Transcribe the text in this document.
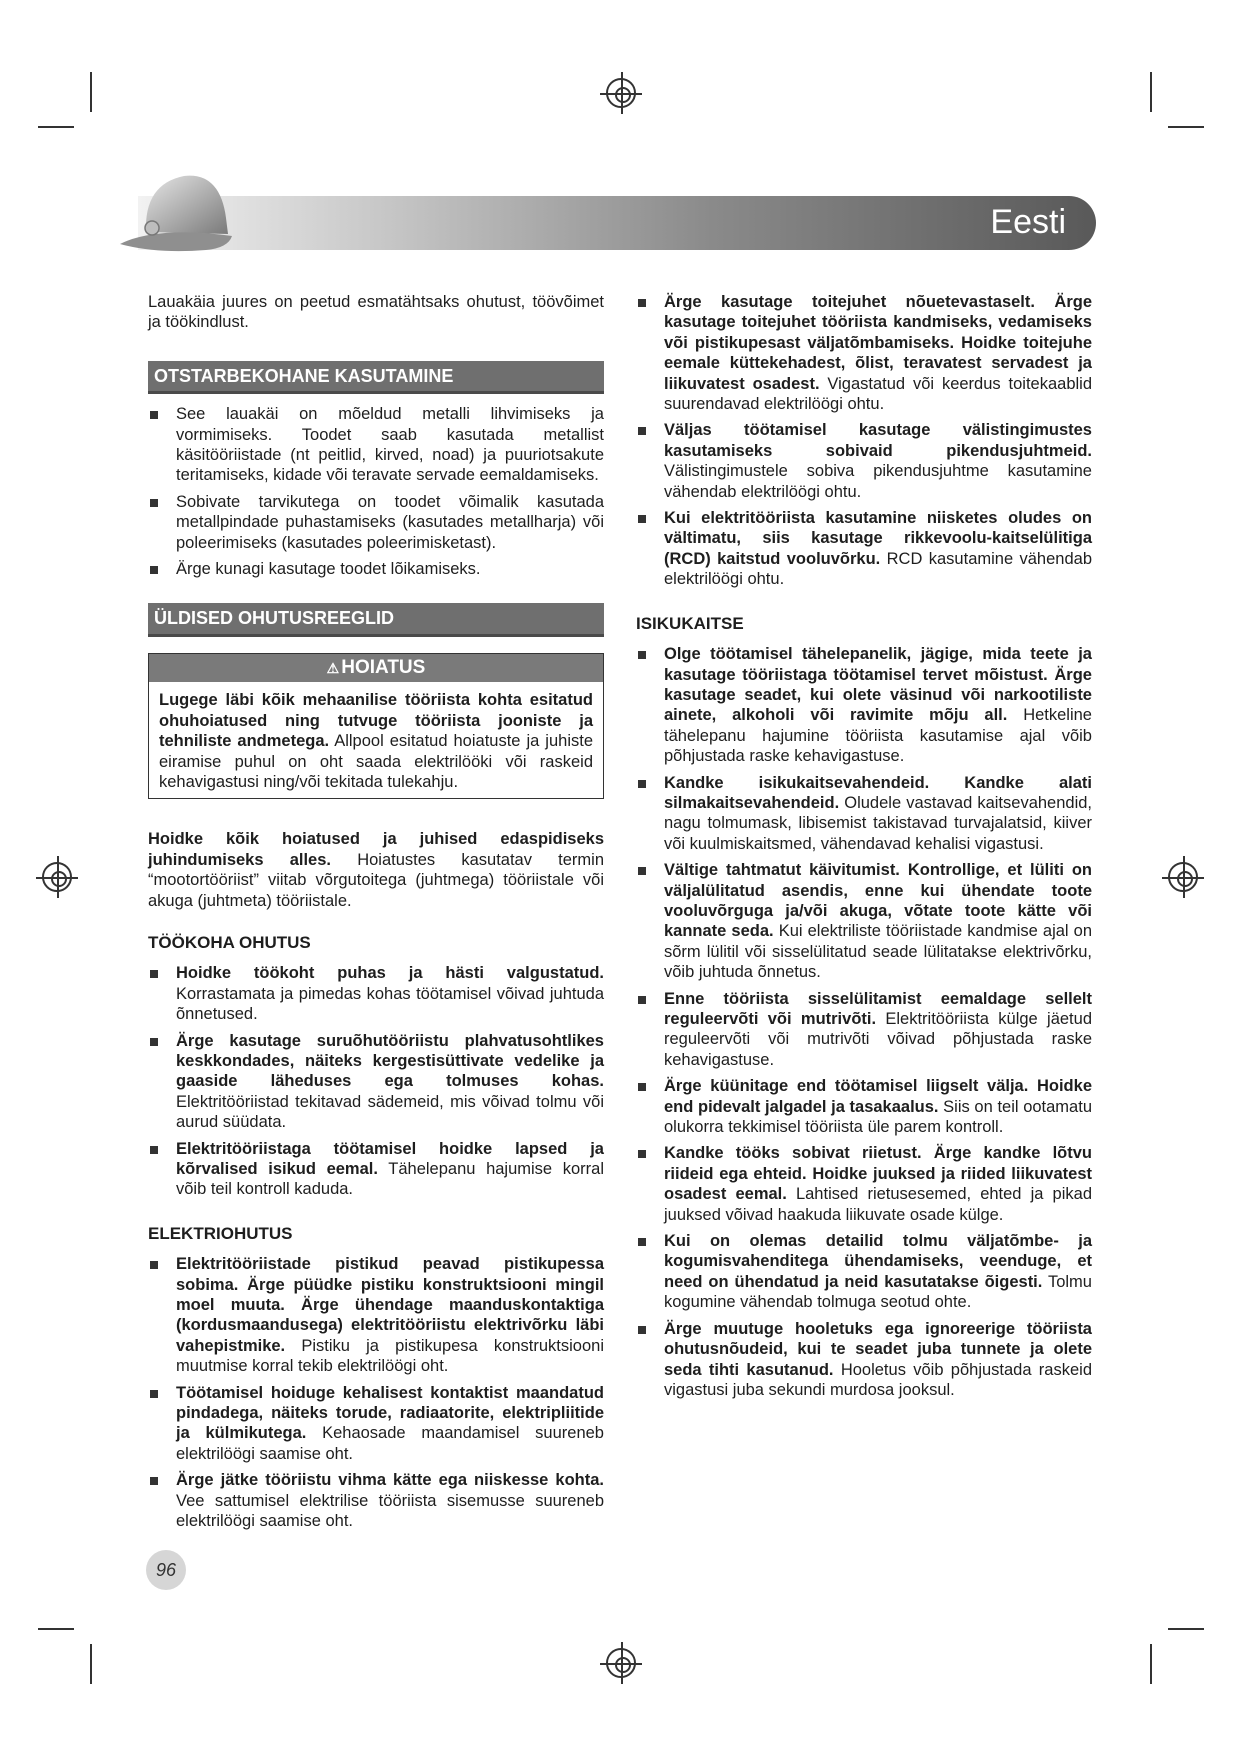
Eesti

Lauakäia juures on peetud esmatähtsaks ohutust, töövõimet ja töökindlust.

OTSTARBEKOHANE KASUTAMINE
See lauakäi on mõeldud metalli lihvimiseks ja vormimiseks. Toodet saab kasutada metallist käsitööriistade (nt peitlid, kirved, noad) ja puuriotsakute teritamiseks, kidade või teravate servade eemaldamiseks.
Sobivate tarvikutega on toodet võimalik kasutada metallpindade puhastamiseks (kasutades metallharja) või poleerimiseks (kasutades poleerimisketast).
Ärge kunagi kasutage toodet lõikamiseks.
ÜLDISED OHUTUSREEGLID
⚠ HOIATUS
Lugege läbi kõik mehaanilise tööriista kohta esitatud ohuhoiatused ning tutvuge tööriista jooniste ja tehniliste andmetega. Allpool esitatud hoiatuste ja juhiste eiramise puhul on oht saada elektrilööki või raskeid kehavigastusi ning/või tekitada tulekahju.

Hoidke kõik hoiatused ja juhised edaspidiseks juhindumiseks alles. Hoiatustes kasutatav termin “mootortööriist” viitab võrgutoitega (juhtmega) tööriistale või akuga (juhtmeta) tööriistale.

TÖÖKOHA OHUTUS
Hoidke töökoht puhas ja hästi valgustatud. Korrastamata ja pimedas kohas töötamisel võivad juhtuda õnnetused.
Ärge kasutage suruõhutööriistu plahvatusohtlikes keskkondades, näiteks kergestisüttivate vedelike ja gaaside läheduses ega tolmuses kohas. Elektritööriistad tekitavad sädemeid, mis võivad tolmu või aurud süüdata.
Elektritööriistaga töötamisel hoidke lapsed ja kõrvalised isikud eemal. Tähelepanu hajumise korral võib teil kontroll kaduda.
ELEKTRIOHUTUS
Elektritööriistade pistikud peavad pistikupessa sobima. Ärge püüdke pistiku konstruktsiooni mingil moel muuta. Ärge ühendage maanduskontaktiga (kordusmaandusega) elektritööriistu elektrivõrku läbi vahepistmike. Pistiku ja pistikupesa konstruktsiooni muutmise korral tekib elektrilöögi oht.
Töötamisel hoiduge kehalisest kontaktist maandatud pindadega, näiteks torude, radiaatorite, elektripliitide ja külmikutega. Kehaosade maandamisel suureneb elektrilöögi saamise oht.
Ärge jätke tööriistu vihma kätte ega niiskesse kohta. Vee sattumisel elektrilise tööriista sisemusse suureneb elektrilöögi saamise oht.
Ärge kasutage toitejuhet nõuetevastaselt. Ärge kasutage toitejuhet tööriista kandmiseks, vedamiseks või pistikupesast väljatõmbamiseks. Hoidke toitejuhe eemale küttekehadest, õlist, teravatest servadest ja liikuvatest osadest. Vigastatud või keerdus toitekaablid suurendavad elektrilöögi ohtu.
Väljas töötamisel kasutage välistingimustes kasutamiseks sobivaid pikendusjuhtmeid. Välistingimustele sobiva pikendusjuhtme kasutamine vähendab elektrilöögi ohtu.
Kui elektritööriista kasutamine niisketes oludes on vältimatu, siis kasutage rikkevoolu-kaitselülitiga (RCD) kaitstud vooluvõrku. RCD kasutamine vähendab elektrilöögi ohtu.
ISIKUKAITSE
Olge töötamisel tähelepanelik, jägige, mida teete ja kasutage tööriistaga töötamisel tervet mõistust. Ärge kasutage seadet, kui olete väsinud või narkootiliste ainete, alkoholi või ravimite mõju all. Hetkeline tähelepanu hajumine tööriista kasutamise ajal võib põhjustada raske kehavigastuse.
Kandke isikukaitsevahendeid. Kandke alati silmakaitsevahendeid. Oludele vastavad kaitsevahendid, nagu tolmumask, libisemist takistavad turvajalatsid, kiiver või kuulmiskaitsmed, vähendavad kehalisi vigastusi.
Vältige tahtmatut käivitumist. Kontrollige, et lüliti on väljalülitatud asendis, enne kui ühendate toote vooluvõrguga ja/või akuga, võtate toote kätte või kannate seda. Kui elektriliste tööriistade kandmise ajal on sõrm lülitil või sisselülitatud seade lülitatakse elektrivõrku, võib juhtuda õnnetus.
Enne tööriista sisselülitamist eemaldage sellelt reguleervõti või mutrivõti. Elektritööriista külge jäetud reguleervõti või mutrivõti võivad põhjustada raske kehavigastuse.
Ärge küünitage end töötamisel liigselt välja. Hoidke end pidevalt jalgadel ja tasakaalus. Siis on teil ootamatu olukorra tekkimisel tööriista üle parem kontroll.
Kandke tööks sobivat riietust. Ärge kandke lõtvu riideid ega ehteid. Hoidke juuksed ja riided liikuvatest osadest eemal. Lahtised rietusesemed, ehted ja pikad juuksed võivad haakuda liikuvate osade külge.
Kui on olemas detailid tolmu väljatõmbe- ja kogumisvahenditega ühendamiseks, veenduge, et need on ühendatud ja neid kasutatakse õigesti. Tolmu kogumine vähendab tolmuga seotud ohte.
Ärge muutuge hooletuks ega ignoreerige tööriista ohutusnõudeid, kui te seadet juba tunnete ja olete seda tihti kasutanud. Hooletus võib põhjustada raskeid vigastusi juba sekundi murdosa jooksul.
96
